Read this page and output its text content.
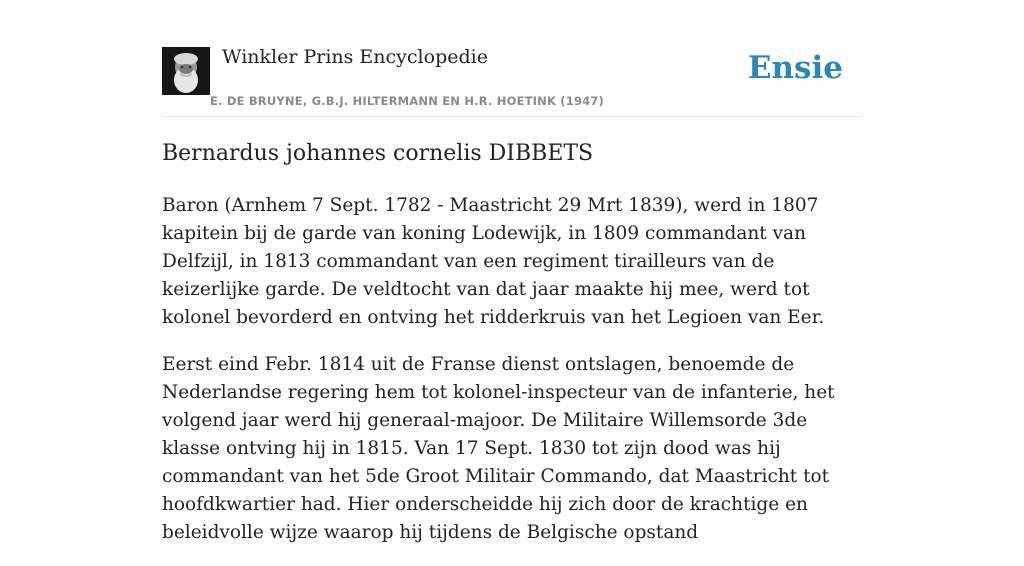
Winkler Prins Encyclopedie
E. DE BRUYNE, G.B.J. HILTERMANN EN H.R. HOETINK (1947)
Ensie
Bernardus johannes cornelis DIBBETS

Baron (Arnhem 7 Sept. 1782 - Maastricht 29 Mrt 1839), werd in 1807 kapitein bij de garde van koning Lodewijk, in 1809 commandant van Delfzijl, in 1813 commandant van een regiment tirailleurs van de keizerlijke garde. De veldtocht van dat jaar maakte hij mee, werd tot kolonel bevorderd en ontving het ridderkruis van het Legioen van Eer.

Eerst eind Febr. 1814 uit de Franse dienst ontslagen, benoemde de Nederlandse regering hem tot kolonel-inspecteur van de infanterie, het volgend jaar werd hij generaal-majoor. De Militaire Willemsorde 3de klasse ontving hij in 1815. Van 17 Sept. 1830 tot zijn dood was hij commandant van het 5de Groot Militair Commando, dat Maastricht tot hoofdkwartier had. Hier onderscheidde hij zich door de krachtige en beleidvolle wijze waarop hij tijdens de Belgische opstand
